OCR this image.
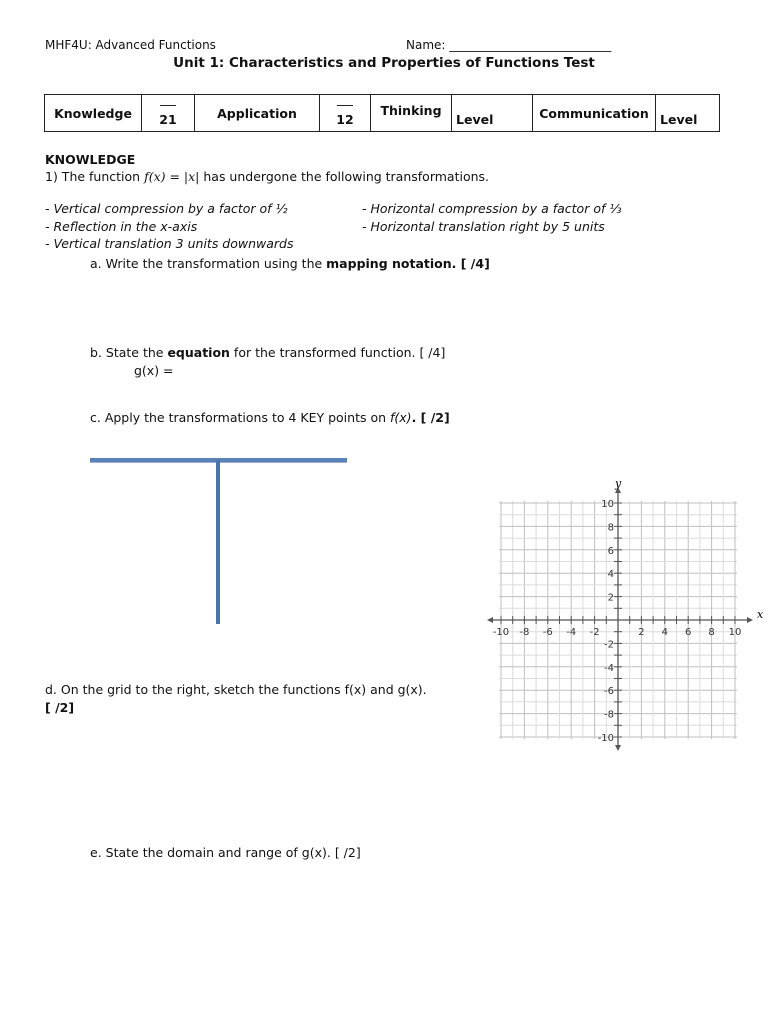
MHF4U: Advanced Functions	Name: ___________________________
Unit 1: Characteristics and Properties of Functions Test
Knowledge	21	Application	12	Thinking	Level	Communication	Level
KNOWLEDGE
1) The function f(x) = |x| has undergone the following transformations.
- Vertical compression by a factor of ½
- Reflection in the x-axis
- Vertical translation 3 units downwards
- Horizontal compression by a factor of ⅓
- Horizontal translation right by 5 units
a. Write the transformation using the mapping notation. [ /4]
b. State the equation for the transformed function. [ /4]
g(x) =
c. Apply the transformations to 4 KEY points on f(x). [ /2]
-10 -8 -6 -4 -2	2 4 6 8 10
10
8
6
4
2
-2
-4
-6
-8
-10
x
y
d. On the grid to the right, sketch the functions f(x) and g(x).
[ /2]
e. State the domain and range of g(x). [ /2]
